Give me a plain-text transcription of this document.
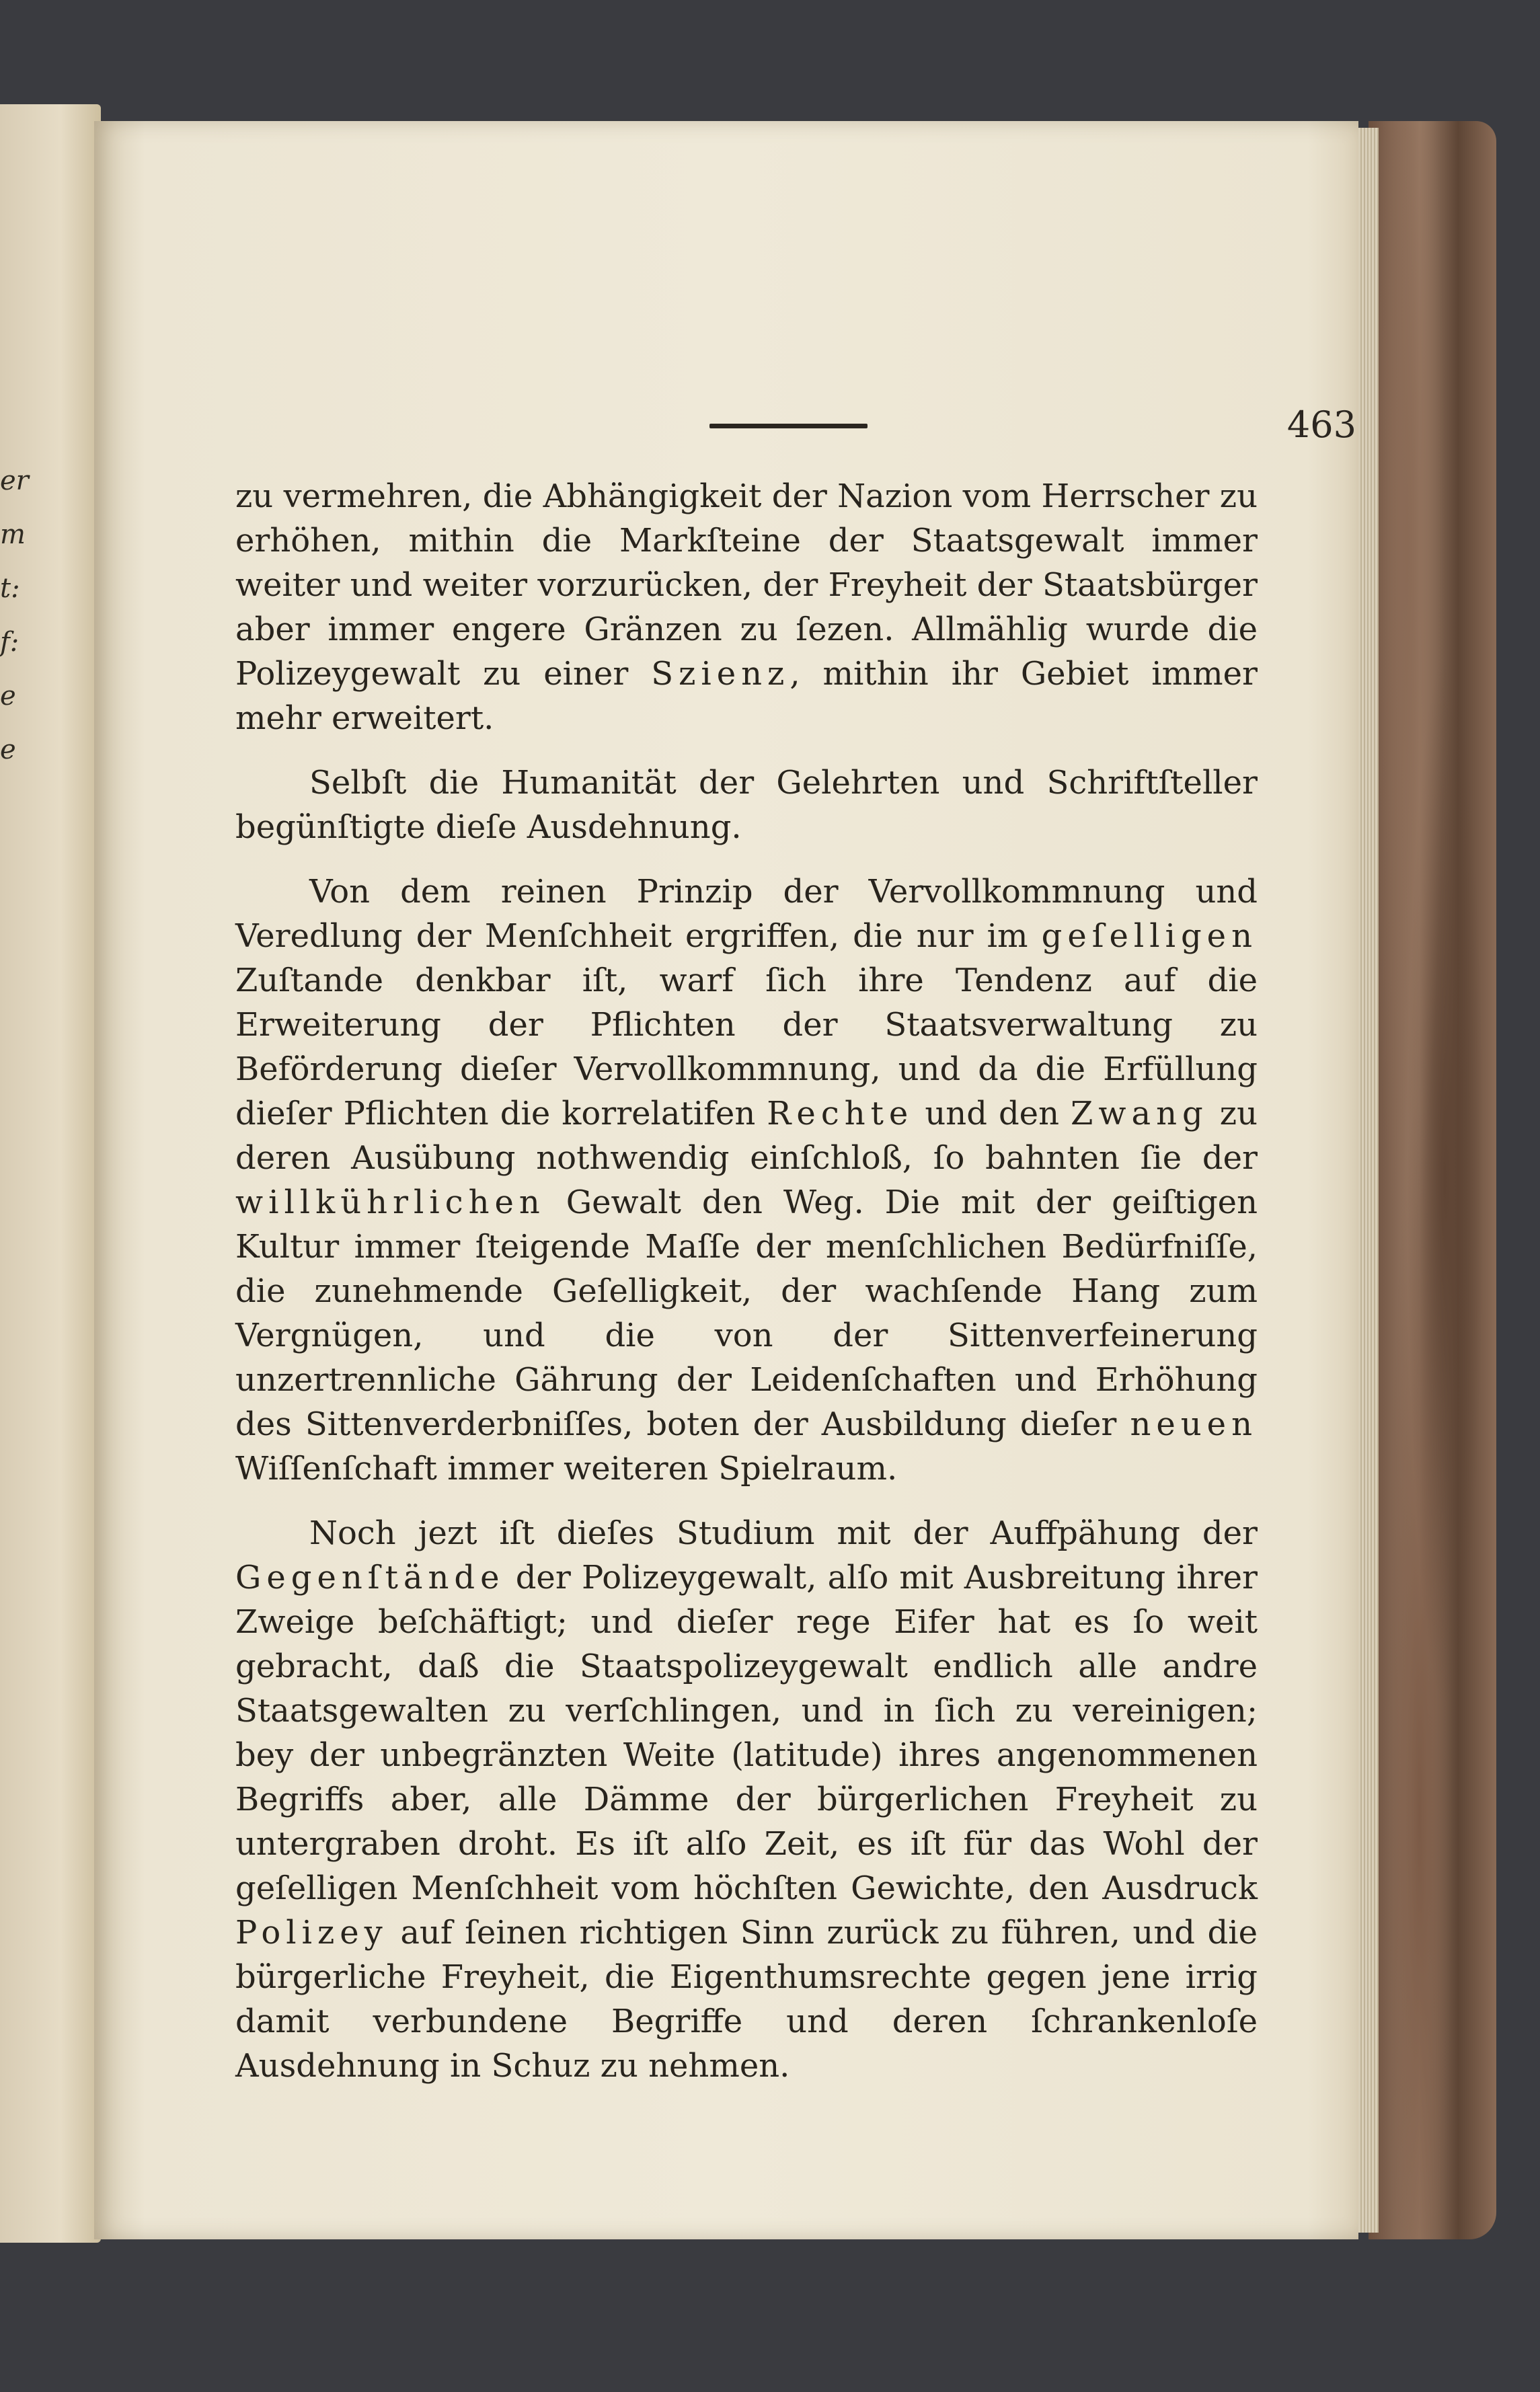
er
m
t:
f:
e
e
463

zu vermehren, die Abhängigkeit der Nazion vom Herrscher zu erhöhen, mithin die Markſteine der Staatsgewalt immer weiter und weiter vorzurücken, der Freyheit der Staatsbürger aber immer engere Gränzen zu ſezen. Allmählig wurde die Polizeygewalt zu einer Szienz, mithin ihr Gebiet immer mehr erweitert.

Selbſt die Humanität der Gelehrten und Schriftſteller begünſtigte dieſe Ausdehnung.

Von dem reinen Prinzip der Vervollkommnung und Veredlung der Menſchheit ergriffen, die nur im geſelligen Zuſtande denkbar iſt, warf ſich ihre Tendenz auf die Erweiterung der Pflichten der Staatsverwaltung zu Beförderung dieſer Vervollkommnung, und da die Erfüllung dieſer Pflichten die korrelatifen Rechte und den Zwang zu deren Ausübung nothwendig einſchloß, ſo bahnten ſie der willkührlichen Gewalt den Weg. Die mit der geiſtigen Kultur immer ſteigende Maſſe der menſchlichen Bedürfniſſe, die zunehmende Geſelligkeit, der wachſende Hang zum Vergnügen, und die von der Sittenverfeinerung unzertrennliche Gährung der Leidenſchaften und Erhöhung des Sittenverderbniſſes, boten der Ausbildung dieſer neuen Wiſſenſchaft immer weiteren Spielraum.

Noch jezt iſt dieſes Studium mit der Auffpähung der Gegenſtände der Polizeygewalt, alſo mit Ausbreitung ihrer Zweige beſchäftigt; und dieſer rege Eifer hat es ſo weit gebracht, daß die Staatspolizeygewalt endlich alle andre Staatsgewalten zu verſchlingen, und in ſich zu vereinigen; bey der unbegränzten Weite (latitude) ihres angenommenen Begriffs aber, alle Dämme der bürgerlichen Freyheit zu untergraben droht. Es iſt alſo Zeit, es iſt für das Wohl der geſelligen Menſchheit vom höchſten Gewichte, den Ausdruck Polizey auf ſeinen richtigen Sinn zurück zu führen, und die bürgerliche Freyheit, die Eigenthumsrechte gegen jene irrig damit verbundene Begriffe und deren ſchrankenloſe Ausdehnung in Schuz zu nehmen.
